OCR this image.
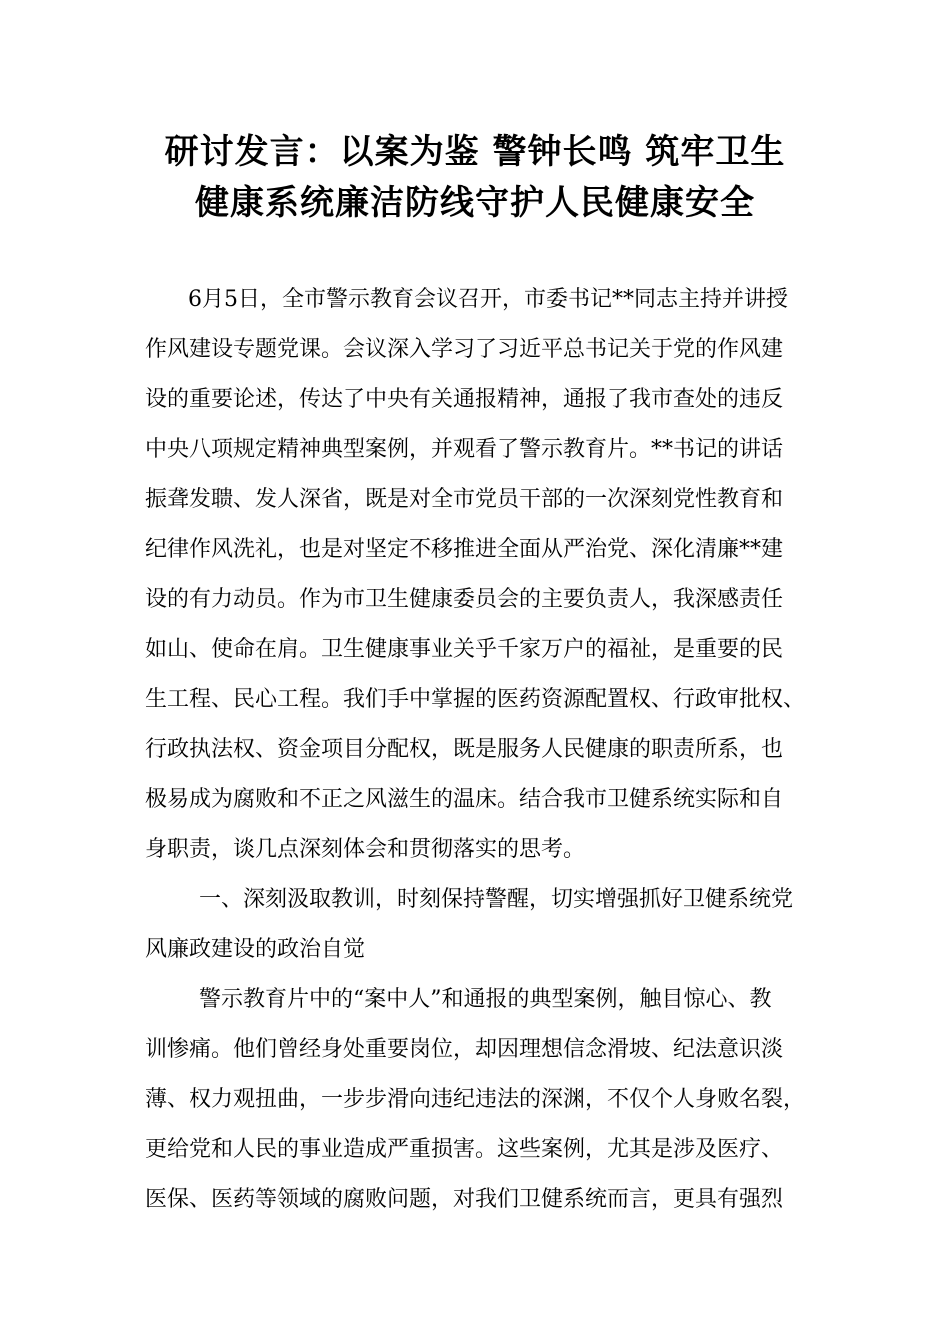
研讨发言：以案为鉴 警钟长鸣 筑牢卫生
健康系统廉洁防线守护人民健康安全
6月5日，全市警示教育会议召开，市委书记**同志主持并讲授
作风建设专题党课。会议深入学习了习近平总书记关于党的作风建
设的重要论述，传达了中央有关通报精神，通报了我市查处的违反
中央八项规定精神典型案例，并观看了警示教育片。**书记的讲话
振聋发聩、发人深省，既是对全市党员干部的一次深刻党性教育和
纪律作风洗礼，也是对坚定不移推进全面从严治党、深化清廉**建
设的有力动员。作为市卫生健康委员会的主要负责人，我深感责任
如山、使命在肩。卫生健康事业关乎千家万户的福祉，是重要的民
生工程、民心工程。我们手中掌握的医药资源配置权、行政审批权、
行政执法权、资金项目分配权，既是服务人民健康的职责所系，也
极易成为腐败和不正之风滋生的温床。结合我市卫健系统实际和自
身职责，谈几点深刻体会和贯彻落实的思考。
一、深刻汲取教训，时刻保持警醒，切实增强抓好卫健系统党
风廉政建设的政治自觉
警示教育片中的“案中人”和通报的典型案例，触目惊心、教
训惨痛。他们曾经身处重要岗位，却因理想信念滑坡、纪法意识淡
薄、权力观扭曲，一步步滑向违纪违法的深渊，不仅个人身败名裂，
更给党和人民的事业造成严重损害。这些案例，尤其是涉及医疗、
医保、医药等领域的腐败问题，对我们卫健系统而言，更具有强烈
